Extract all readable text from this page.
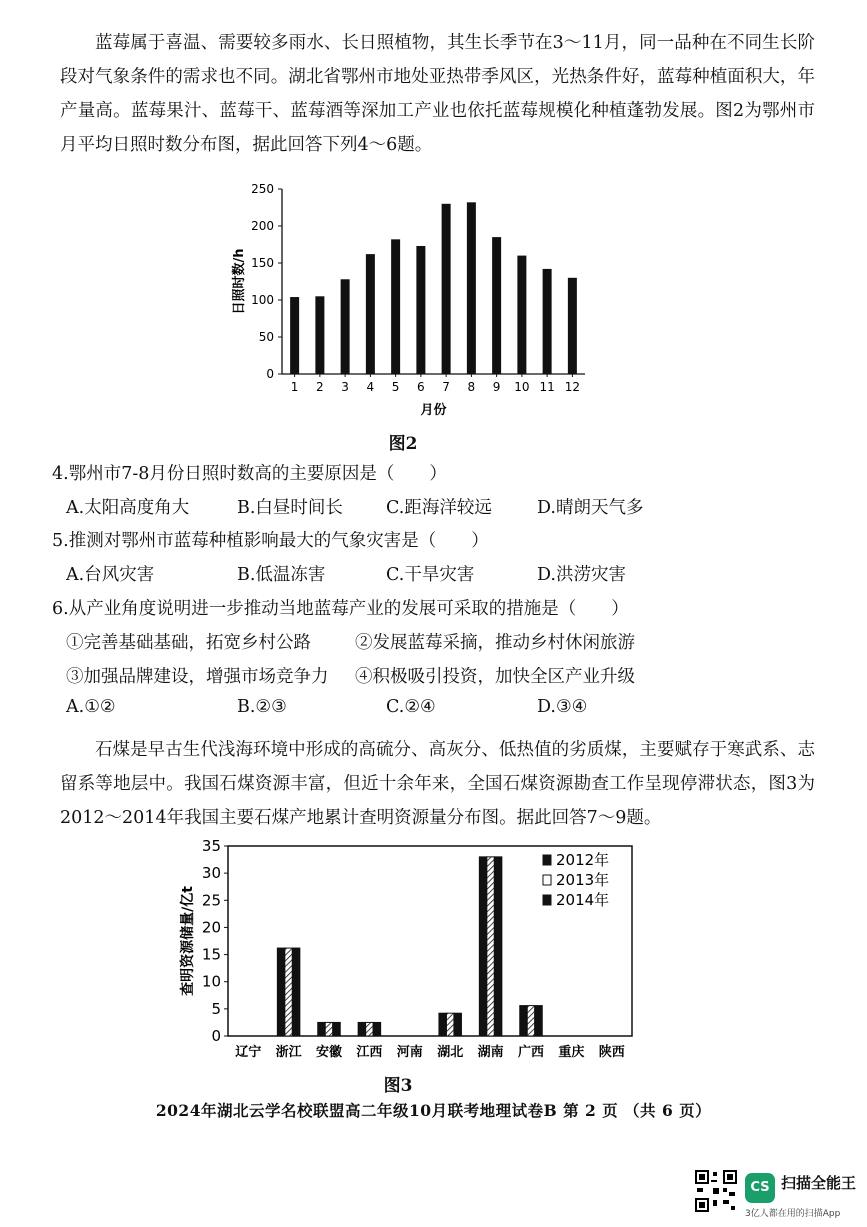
蓝莓属于喜温、需要较多雨水、长日照植物，其生长季节在3～11月，同一品种在不同生长阶段对气象条件的需求也不同。湖北省鄂州市地处亚热带季风区，光热条件好，蓝莓种植面积大，年产量高。蓝莓果汁、蓝莓干、蓝莓酒等深加工产业也依托蓝莓规模化种植蓬勃发展。图2为鄂州市月平均日照时数分布图，据此回答下列4～6题。

0
50
100
150
200
250
1 2 3 4 5 6 7 8 9 10 11 12
月份
日照时数/h
图2

4.鄂州市7-8月份日照时数高的主要原因是（　　）

A.太阳高度角大	B.白昼时间长 C.距海洋较远	D.晴朗天气多

5.推测对鄂州市蓝莓种植影响最大的气象灾害是（　　）

A.台风灾害	B.低温冻害	C.干旱灾害	D.洪涝灾害

6.从产业角度说明进一步推动当地蓝莓产业的发展可采取的措施是（　　）

①完善基础基础，拓宽乡村公路	②发展蓝莓采摘，推动乡村休闲旅游
③加强品牌建设，增强市场竞争力 ④积极吸引投资，加快全区产业升级
A.①②	B.②③	C.②④	D.③④

石煤是早古生代浅海环境中形成的高硫分、高灰分、低热值的劣质煤，主要赋存于寒武系、志留系等地层中。我国石煤资源丰富，但近十余年来，全国石煤资源勘查工作呈现停滞状态，图3为2012～2014年我国主要石煤产地累计查明资源量分布图。据此回答7～9题。

0
5
10
15
20
25
30
35
辽宁 浙江 安徽 江西 河南 湖北 湖南 广西 重庆 陕西
查明资源储量/亿t
2012年
2013年
2014年
图3
2024年湖北云学名校联盟高二年级10月联考地理试卷B 第 2 页 （共 6 页）
CS 扫描全能王
3亿人都在用的扫描App
